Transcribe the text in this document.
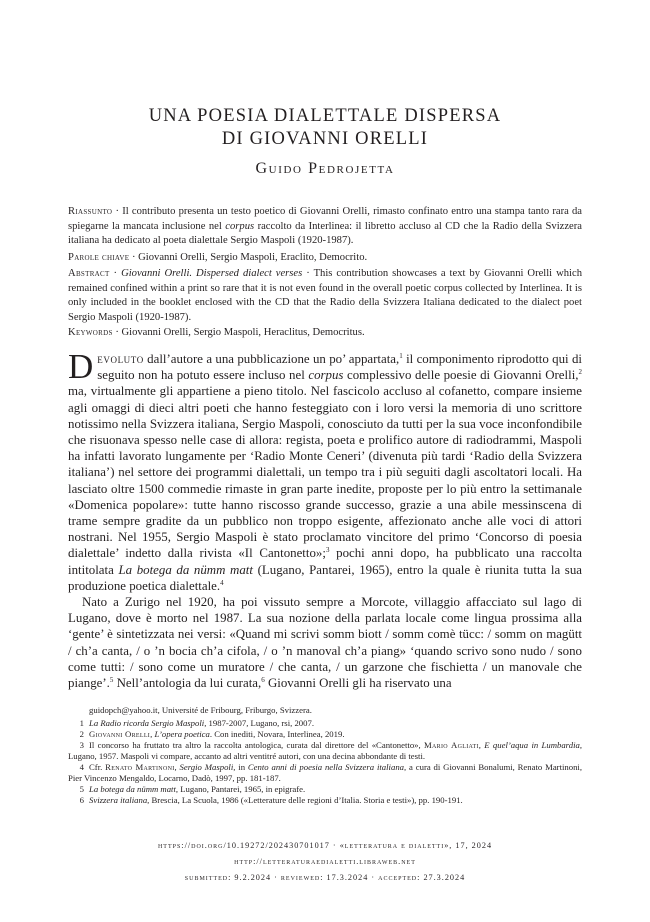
UNA POESIA DIALETTALE DISPERSA
DI GIOVANNI ORELLI
Guido Pedrojetta
Riassunto · Il contributo presenta un testo poetico di Giovanni Orelli, rimasto confinato entro una stampa tanto rara da spiegarne la mancata inclusione nel corpus raccolto da Interlinea: il libretto accluso al CD che la Radio della Svizzera italiana ha dedicato al poeta dialettale Sergio Maspoli (1920-1987).
Parole chiave · Giovanni Orelli, Sergio Maspoli, Eraclito, Democrito.
Abstract · Giovanni Orelli. Dispersed dialect verses · This contribution showcases a text by Giovanni Orelli which remained confined within a print so rare that it is not even found in the overall poetic corpus collected by Interlinea. It is only included in the booklet enclosed with the CD that the Radio della Svizzera Italiana dedicated to the dialect poet Sergio Maspoli (1920-1987).
Keywords · Giovanni Orelli, Sergio Maspoli, Heraclitus, Democritus.

Devoluto dall’autore a una pubblicazione un po’ appartata,$^1$ il componimento riprodotto qui di seguito non ha potuto essere incluso nel corpus complessivo delle poesie di Giovanni Orelli,$^2$ ma, virtualmente gli appartiene a pieno titolo. Nel fascicolo accluso al cofanetto, compare insieme agli omaggi di dieci altri poeti che hanno festeggiato con i loro versi la memoria di uno scrittore notissimo nella Svizzera italiana, Sergio Maspoli, conosciuto da tutti per la sua voce inconfondibile che risuonava spesso nelle case di allora: regista, poeta e prolifico autore di radiodrammi, Maspoli ha infatti lavorato lungamente per ‘Radio Monte Ceneri’ (divenuta più tardi ‘Radio della Svizzera italiana’) nel settore dei programmi dialettali, un tempo tra i più seguiti dagli ascoltatori locali. Ha lasciato oltre 1500 commedie rimaste in gran parte inedite, proposte per lo più entro la settimanale «Domenica popolare»: tutte hanno riscosso grande successo, grazie a una abile messinscena di trame sempre gradite da un pubblico non troppo esigente, affezionato anche alle voci di attori nostrani. Nel 1955, Sergio Maspoli è stato proclamato vincitore del primo ‘Concorso di poesia dialettale’ indetto dalla rivista «Il Cantonetto»;$^3$ pochi anni dopo, ha pubblicato una raccolta intitolata La botega da nümm matt (Lugano, Pantarei, 1965), entro la quale è riunita tutta la sua produzione poetica dialettale.$^4$

Nato a Zurigo nel 1920, ha poi vissuto sempre a Morcote, villaggio affacciato sul lago di Lugano, dove è morto nel 1987. La sua nozione della parlata locale come lingua prossima alla ‘gente’ è sintetizzata nei versi: «Quand mi scrivi somm biott / somm comè tücc: / somm on magütt / ch’a canta, / o ’n bocia ch’a cifola, / o ’n manoval ch’a piang» ‘quando scrivo sono nudo / sono come tutti: / sono come un muratore / che canta, / un garzone che fischietta / un manovale che piange’.$^5$ Nell’antologia da lui curata,$^6$ Giovanni Orelli gli ha riservato una

guidopch@yahoo.it, Université de Fribourg, Friburgo, Svizzera.
1 La Radio ricorda Sergio Maspoli, 1987-2007, Lugano, rsi, 2007.
2 Giovanni Orelli, L’opera poetica. Con inediti, Novara, Interlinea, 2019.
3 Il concorso ha fruttato tra altro la raccolta antologica, curata dal direttore del «Cantonetto», Mario Agliati, E quel’aqua in Lumbardia, Lugano, 1957. Maspoli vi compare, accanto ad altri ventitré autori, con una decina abbondante di testi.
4 Cfr. Renato Martinoni, Sergio Maspoli, in Cento anni di poesia nella Svizzera italiana, a cura di Giovanni Bonalumi, Renato Martinoni, Pier Vincenzo Mengaldo, Locarno, Dadò, 1997, pp. 181-187.
5 La botega da nümm matt, Lugano, Pantarei, 1965, in epigrafe.
6 Svizzera italiana, Brescia, La Scuola, 1986 («Letterature delle regioni d’Italia. Storia e testi»), pp. 190-191.
https://doi.org/10.19272/202430701017 · «letteratura e dialetti», 17, 2024
http://letteraturaedialetti.libraweb.net
submitted: 9.2.2024 · reviewed: 17.3.2024 · accepted: 27.3.2024
